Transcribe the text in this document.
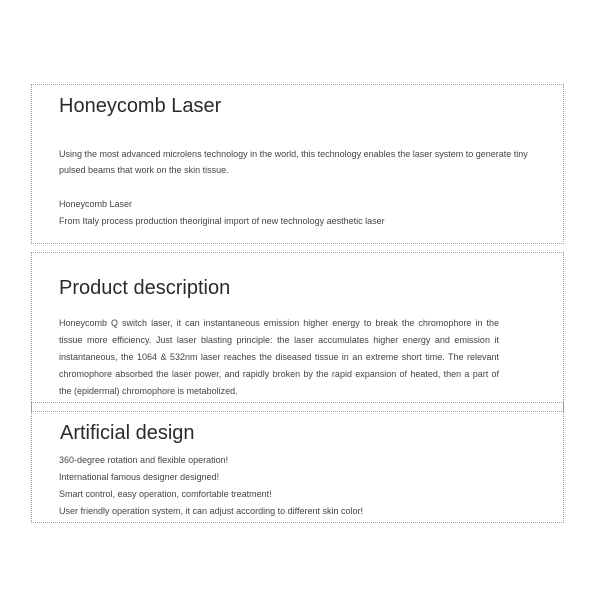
Honeycomb Laser

Using the most advanced microlens technology in the world, this technology enables the laser system to generate tiny pulsed beams that work on the skin tissue.

Honeycomb Laser

From Italy process production theoriginal import of new technology aesthetic laser

Product description

Honeycomb Q switch laser, it can instantaneous emission higher energy to break the chromophore in the tissue more efficiency. Just laser blasting principle: the laser accumulates higher energy and emission it instantaneous, the 1064 & 532nm laser reaches the diseased tissue in an extreme short time. The relevant chromophore absorbed the laser power, and rapidly broken by the rapid expansion of heated, then a part of the (epidermal) chromophore is metabolized.

Artificial design
360-degree rotation and flexible operation!
International famous designer designed!
Smart control, easy operation, comfortable treatment!
User friendly operation system, it can adjust according to different skin color!
